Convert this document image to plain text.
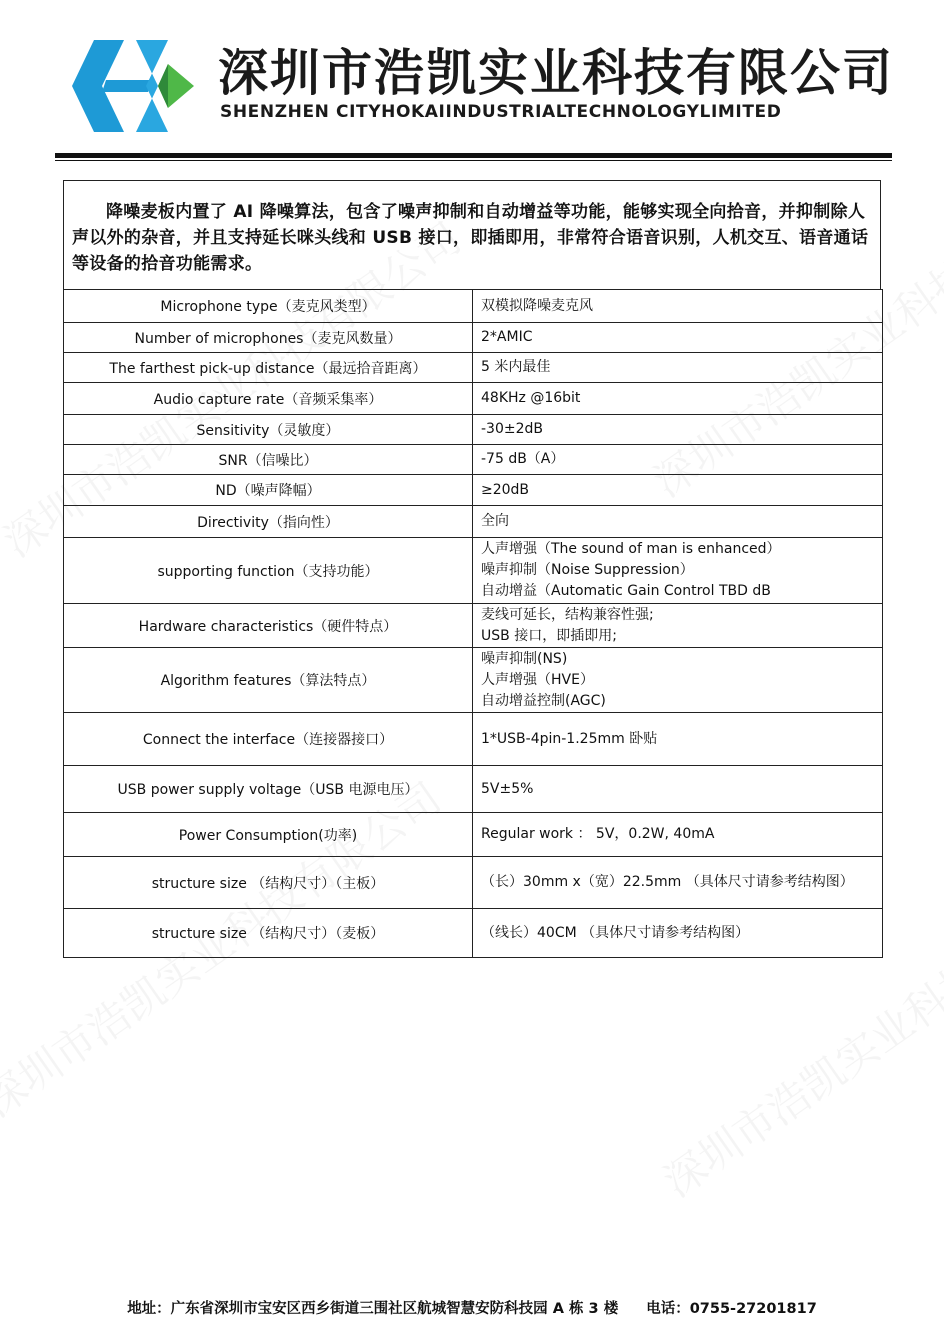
深圳市浩凯实业科技有限公司
SHENZHEN CITYHOKAIINDUSTRIALTECHNOLOGYLIMITED

降噪麦板内置了 AI 降噪算法，包含了噪声抑制和自动增益等功能，能够实现全向拾音，并抑制除人声以外的杂音，并且支持延长咪头线和 USB 接口，即插即用，非常符合语音识别，人机交互、语音通话等设备的拾音功能需求。

Microphone type（麦克风类型）	双模拟降噪麦克风

Number of microphones（麦克风数量）	2*AMIC

The farthest pick-up distance（最远拾音距离）	5 米内最佳

Audio capture rate（音频采集率）	48KHz @16bit

Sensitivity（灵敏度）	-30±2dB

SNR（信噪比）	-75 dB（A）

ND（噪声降幅）	≥20dB

Directivity（指向性）	全向

supporting function（支持功能）	人声增强（The sound of man is enhanced）
噪声抑制（Noise Suppression）
自动增益（Automatic Gain Control TBD dB

Hardware characteristics（硬件特点）	麦线可延长，结构兼容性强;
USB 接口，即插即用;

Algorithm features（算法特点）	噪声抑制(NS)
人声增强（HVE）
自动增益控制(AGC)

Connect the interface（连接器接口）	1*USB-4pin-1.25mm 卧贴

USB power supply voltage（USB 电源电压）	5V±5%

Power Consumption(功率)	Regular work ： 5V，0.2W, 40mA

structure size （结构尺寸）（主板）	（长）30mm x（宽）22.5mm （具体尺寸请参考结构图）

structure size （结构尺寸）（麦板）	（线长）40CM （具体尺寸请参考结构图）
地址：广东省深圳市宝安区西乡街道三围社区航城智慧安防科技园 A 栋 3 楼 电话：0755-27201817
